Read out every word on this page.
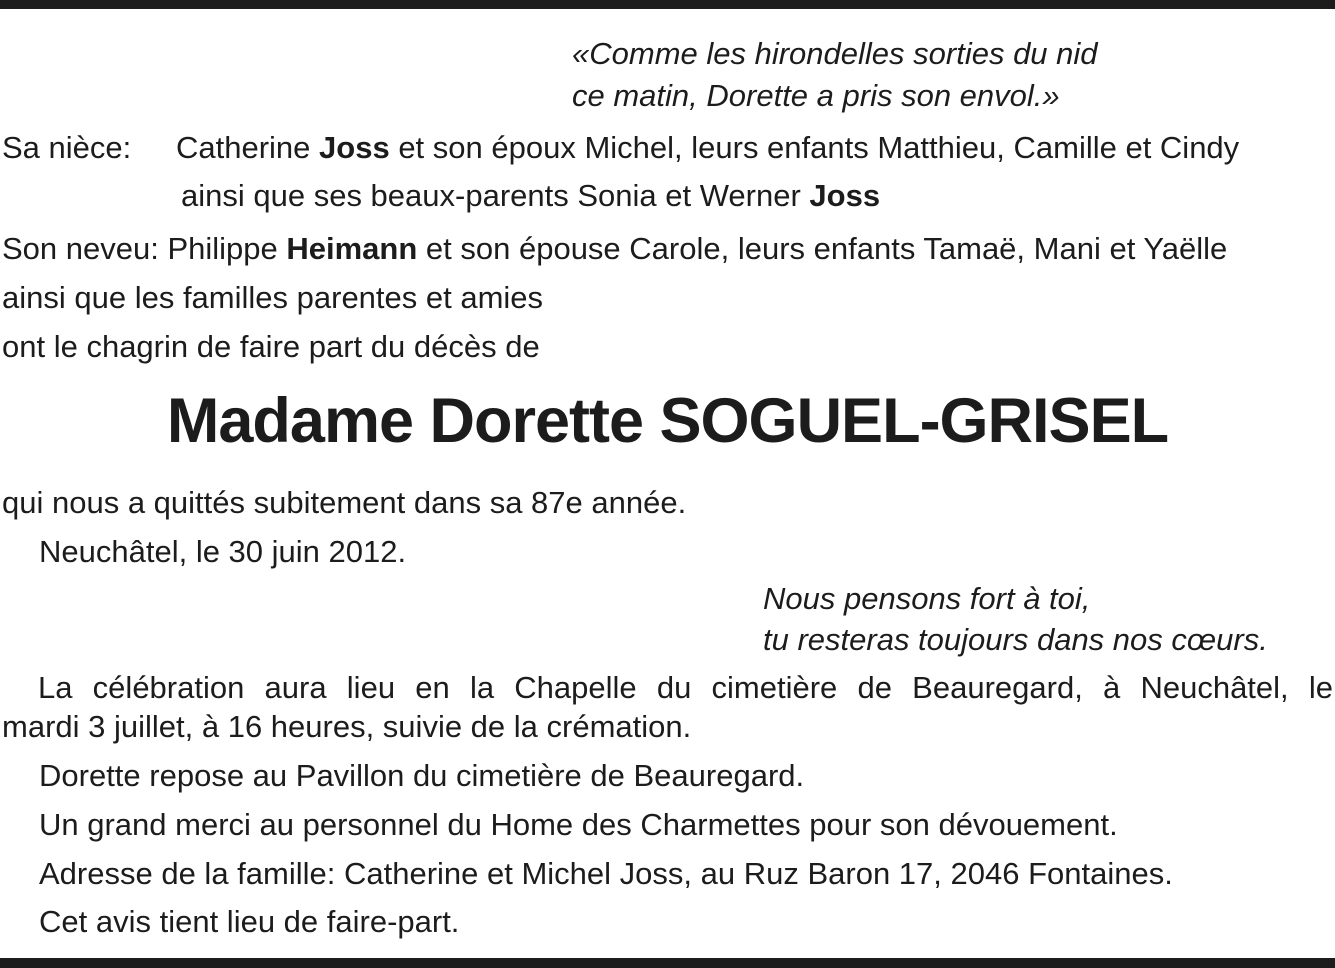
«Comme les hirondelles sorties du nid
ce matin, Dorette a pris son envol.»
Sa nièce: Catherine Joss et son époux Michel, leurs enfants Matthieu, Camille et Cindy
ainsi que ses beaux-parents Sonia et Werner Joss
Son neveu: Philippe Heimann et son épouse Carole, leurs enfants Tamaë, Mani et Yaëlle
ainsi que les familles parentes et amies
ont le chagrin de faire part du décès de
Madame Dorette SOGUEL-GRISEL
qui nous a quittés subitement dans sa 87e année.
Neuchâtel, le 30 juin 2012.
Nous pensons fort à toi,
tu resteras toujours dans nos cœurs.
La célébration aura lieu en la Chapelle du cimetière de Beauregard, à Neuchâtel, le
mardi 3 juillet, à 16 heures, suivie de la crémation.
Dorette repose au Pavillon du cimetière de Beauregard.
Un grand merci au personnel du Home des Charmettes pour son dévouement.
Adresse de la famille: Catherine et Michel Joss, au Ruz Baron 17, 2046 Fontaines.
Cet avis tient lieu de faire-part.
